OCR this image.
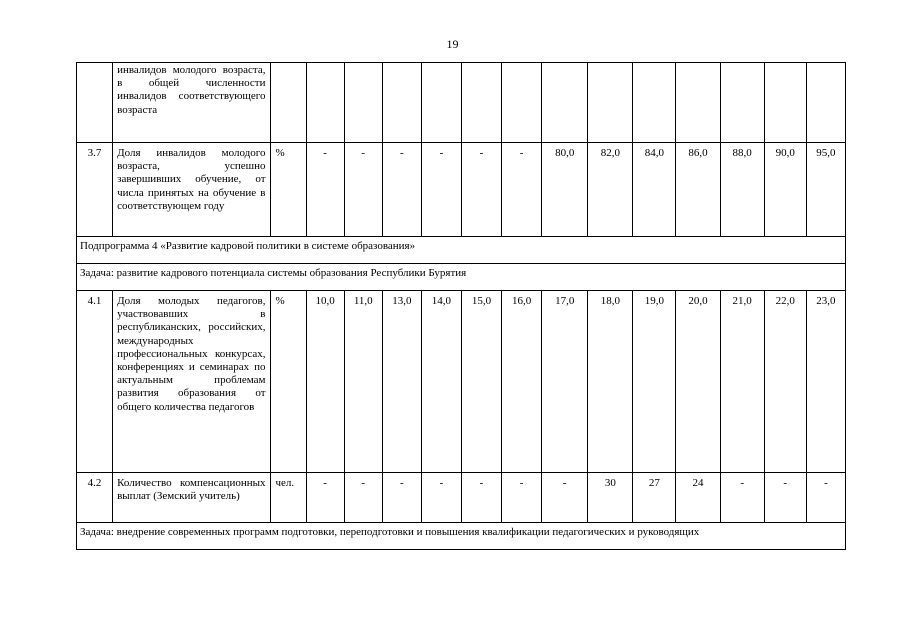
19
	инвалидов молодого возраста, в общей численности инвалидов соответствующего возраста														
3.7	Доля инвалидов молодого возраста, успешно завершивших обучение, от числа принятых на обучение в соответствующем году	%	-	-	-	-	-	-	80,0	82,0	84,0	86,0	88,0	90,0	95,0
Подпрограмма 4 «Развитие кадровой политики в системе образования»															
Задача: развитие кадрового потенциала системы образования Республики Бурятия															
4.1	Доля молодых педагогов, участвовавших в республиканских, российских, международных профессиональных конкурсах, конференциях и семинарах по актуальным проблемам развития образования от общего количества педагогов	%	10,0	11,0	13,0	14,0	15,0	16,0	17,0	18,0	19,0	20,0	21,0	22,0	23,0
4.2	Количество компенсационных выплат (Земский учитель)	чел.	-	-	-	-	-	-	-	30	27	24	-	-	-
Задача: внедрение современных программ подготовки, переподготовки и повышения квалификации педагогических и руководящих															
